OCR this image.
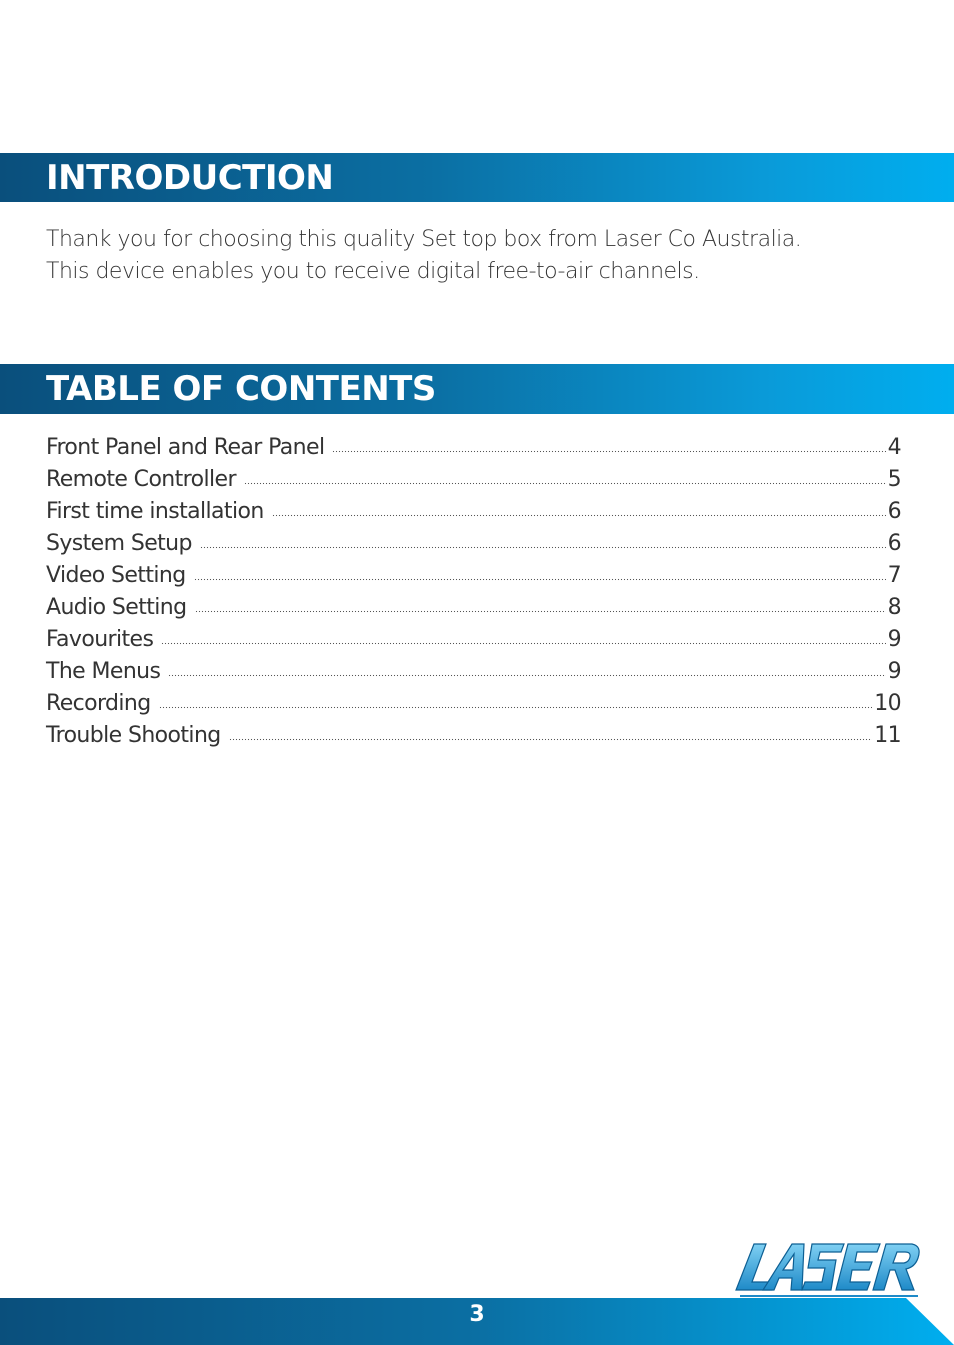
INTRODUCTION

Thank you for choosing this quality Set top box from Laser Co Australia.

This device enables you to receive digital free-to-air channels.

TABLE OF CONTENTS
Front Panel and Rear Panel	4
Remote Controller	5
First time installation	6
System Setup	6
Video Setting	7
Audio Setting	8
Favourites	9
The Menus	9
Recording	10
Trouble Shooting	11
3
